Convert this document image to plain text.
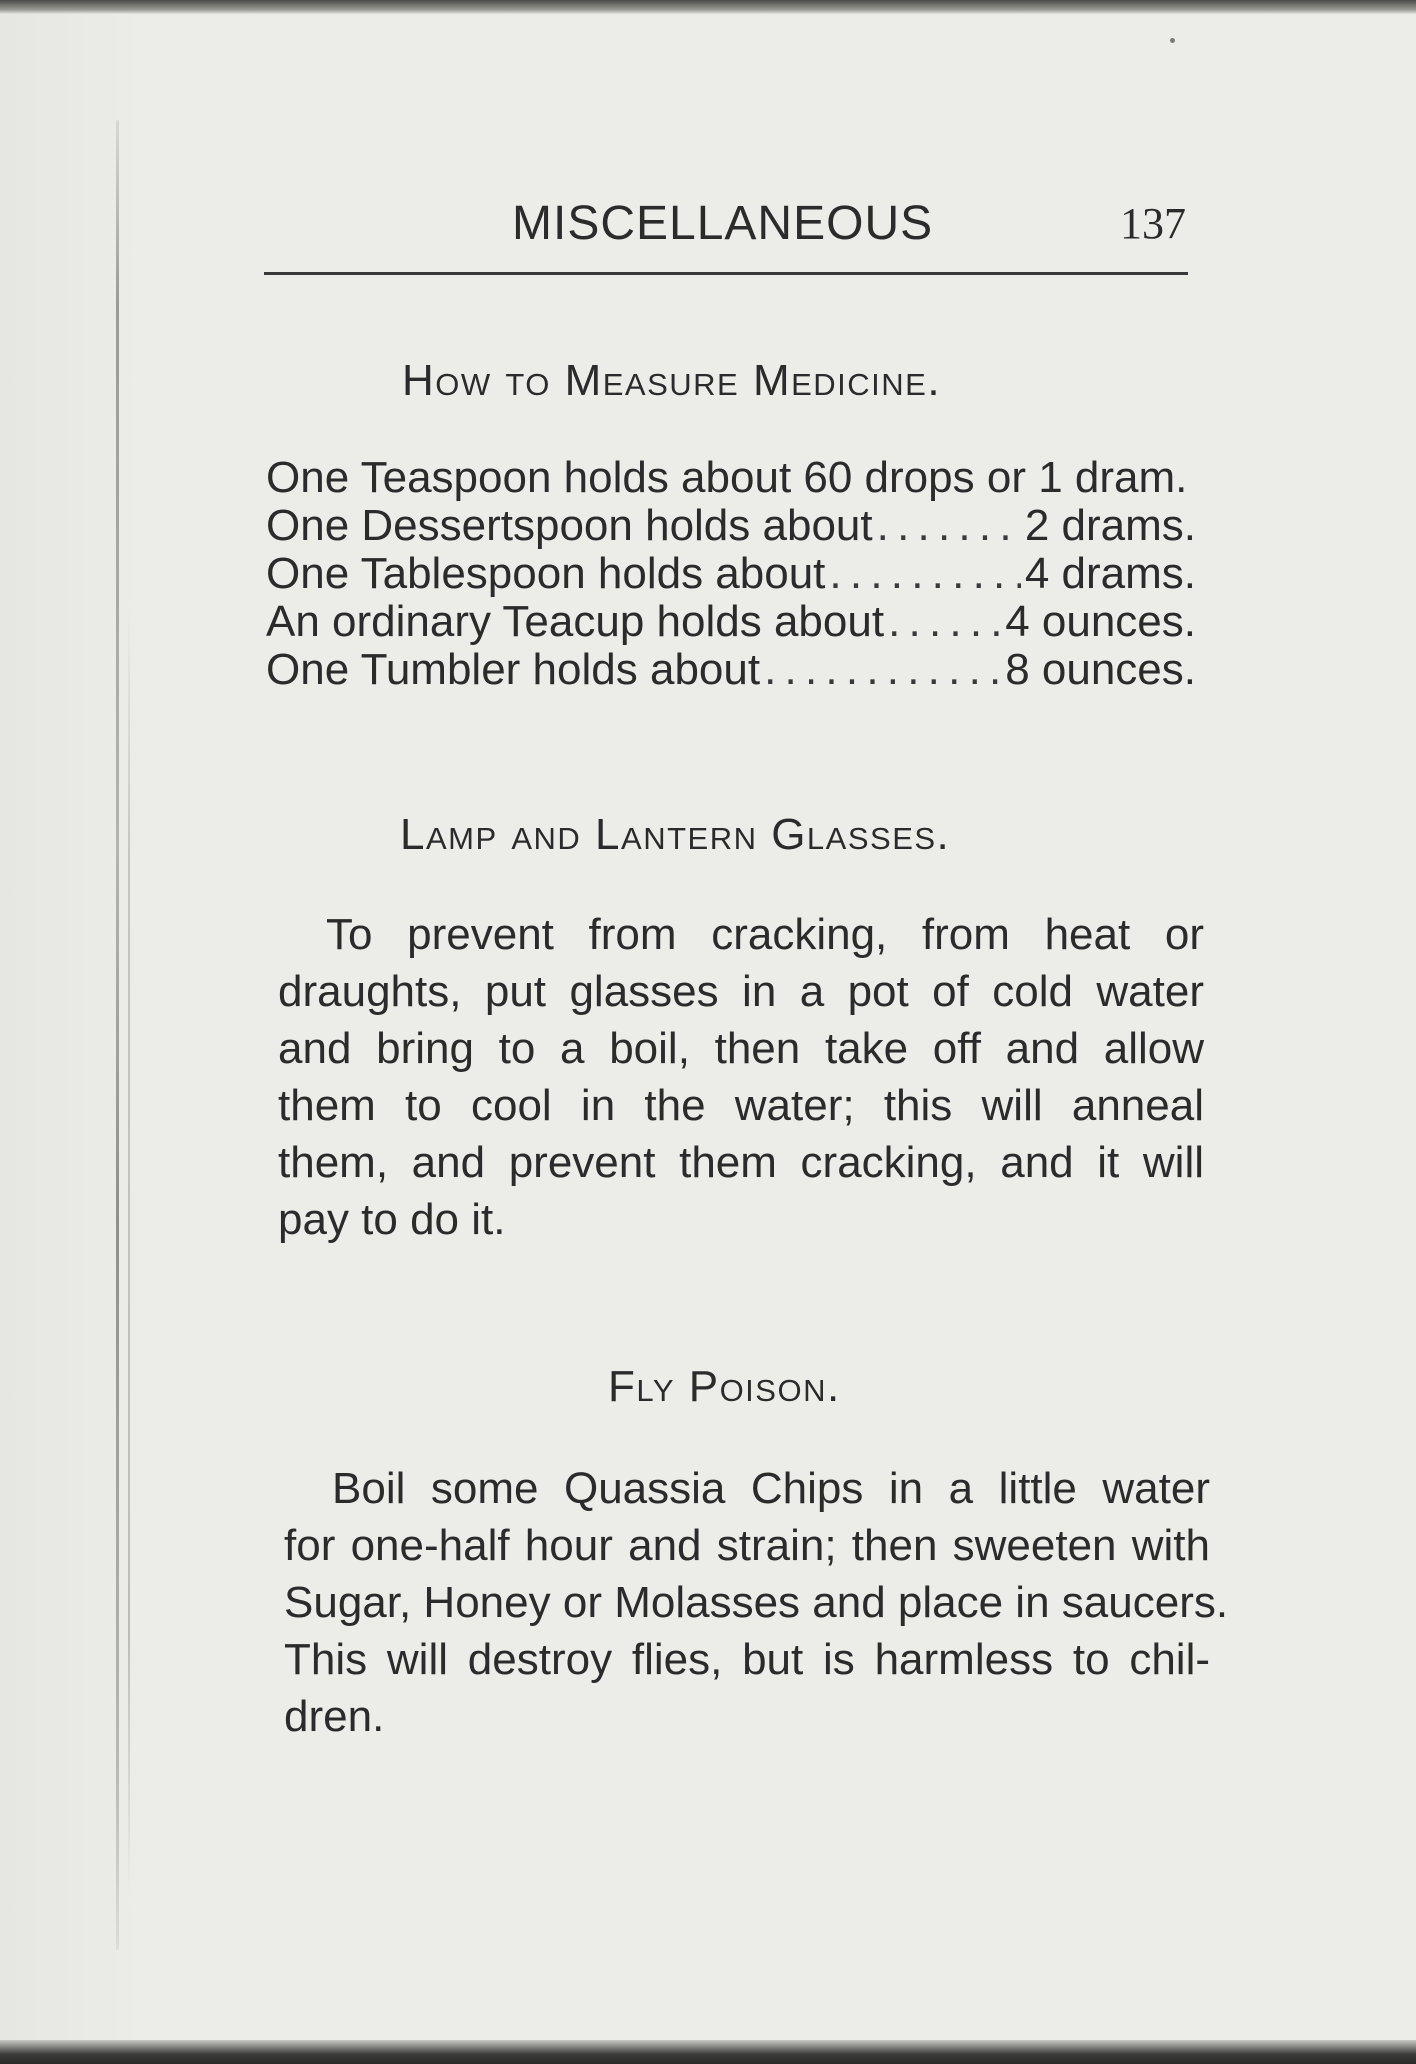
MISCELLANEOUS	137
How to Measure Medicine.
One Teaspoon holds about 60 drops or 1 dram.
One Dessertspoon holds about . . .	2 drams.
One Tablespoon holds about . . .	4 drams.
An ordinary Teacup holds about . . .	4 ounces.
One Tumbler holds about . . .	8 ounces.
Lamp and Lantern Glasses.

To prevent from cracking, from heat or
draughts, put glasses in a pot of cold water
and bring to a boil, then take off and allow
them to cool in the water; this will anneal
them, and prevent them cracking, and it will
pay to do it.

Fly Poison.

Boil some Quassia Chips in a little water
for one-half hour and strain; then sweeten with
Sugar, Honey or Molasses and place in saucers.
This will destroy flies, but is harmless to chil-
dren.
